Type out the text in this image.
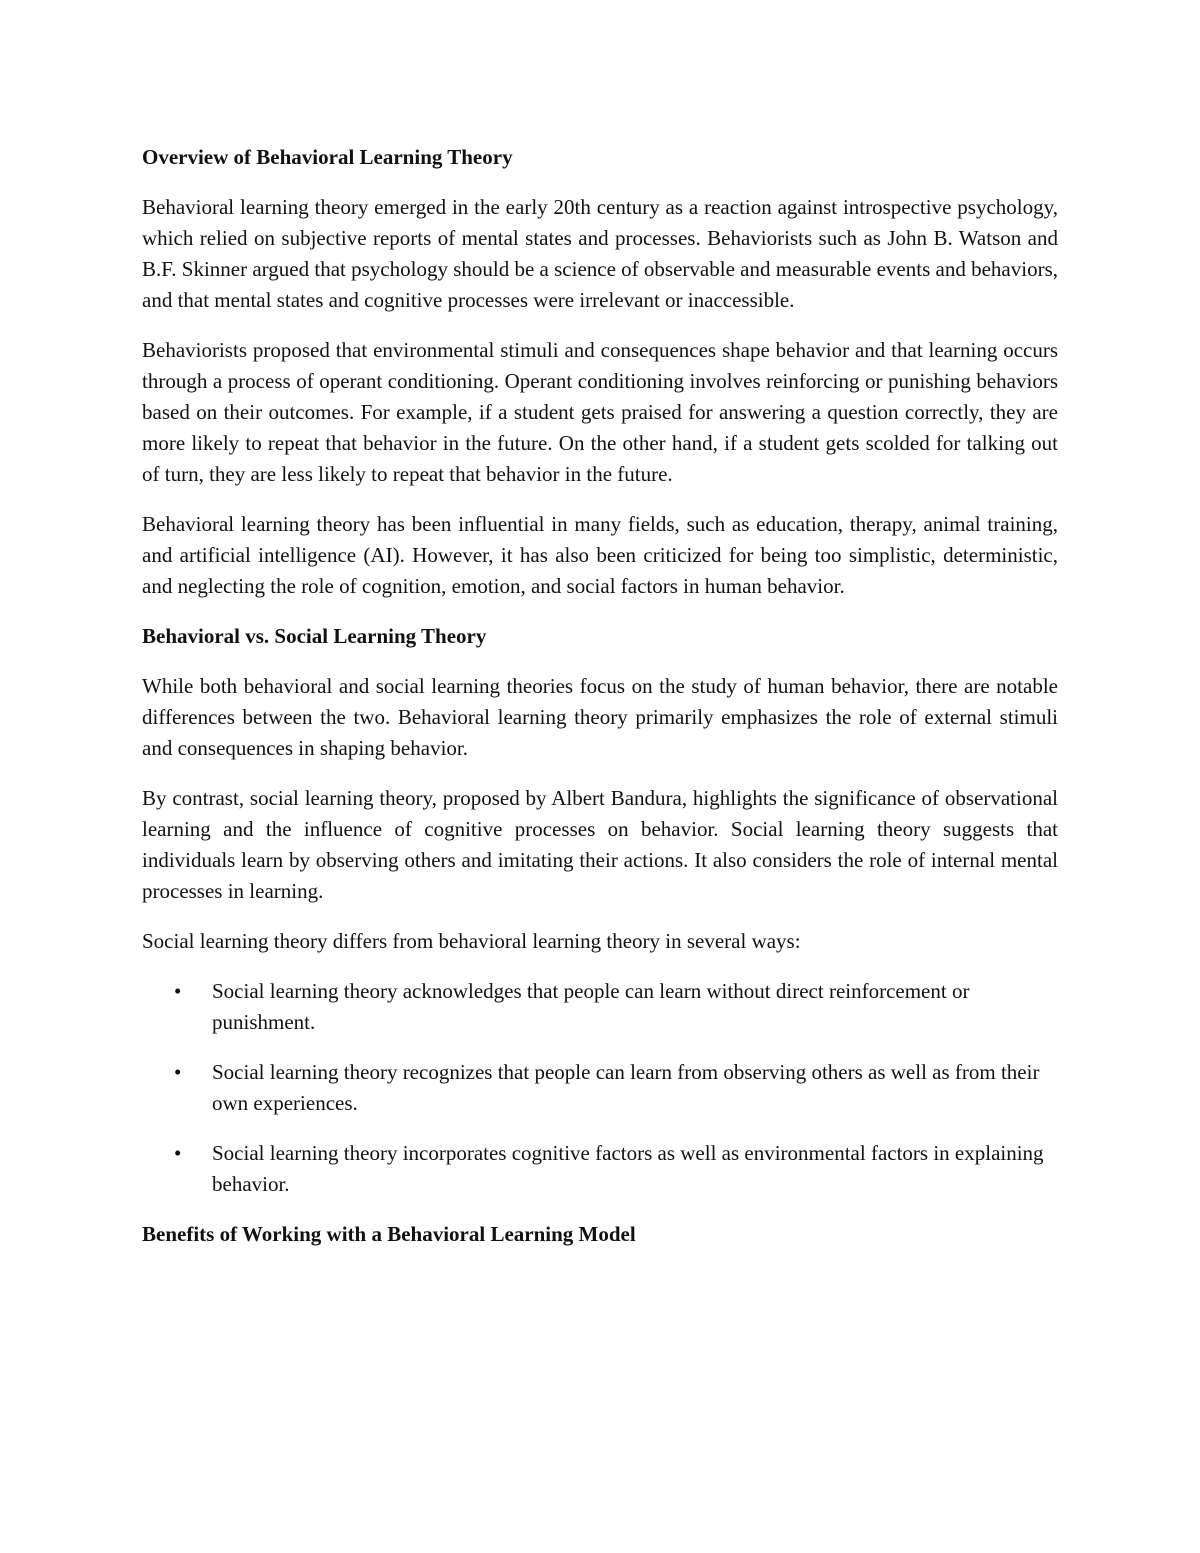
Overview of Behavioral Learning Theory

Behavioral learning theory emerged in the early 20th century as a reaction against introspective psychology, which relied on subjective reports of mental states and processes. Behaviorists such as John B. Watson and B.F. Skinner argued that psychology should be a science of observable and measurable events and behaviors, and that mental states and cognitive processes were irrelevant or inaccessible.

Behaviorists proposed that environmental stimuli and consequences shape behavior and that learning occurs through a process of operant conditioning. Operant conditioning involves reinforcing or punishing behaviors based on their outcomes. For example, if a student gets praised for answering a question correctly, they are more likely to repeat that behavior in the future. On the other hand, if a student gets scolded for talking out of turn, they are less likely to repeat that behavior in the future.

Behavioral learning theory has been influential in many fields, such as education, therapy, animal training, and artificial intelligence (AI). However, it has also been criticized for being too simplistic, deterministic, and neglecting the role of cognition, emotion, and social factors in human behavior.

Behavioral vs. Social Learning Theory

While both behavioral and social learning theories focus on the study of human behavior, there are notable differences between the two. Behavioral learning theory primarily emphasizes the role of external stimuli and consequences in shaping behavior.

By contrast, social learning theory, proposed by Albert Bandura, highlights the significance of observational learning and the influence of cognitive processes on behavior. Social learning theory suggests that individuals learn by observing others and imitating their actions. It also considers the role of internal mental processes in learning.

Social learning theory differs from behavioral learning theory in several ways:

• Social learning theory acknowledges that people can learn without direct reinforcement or punishment.
• Social learning theory recognizes that people can learn from observing others as well as from their own experiences.
• Social learning theory incorporates cognitive factors as well as environmental factors in explaining behavior.
Benefits of Working with a Behavioral Learning Model
